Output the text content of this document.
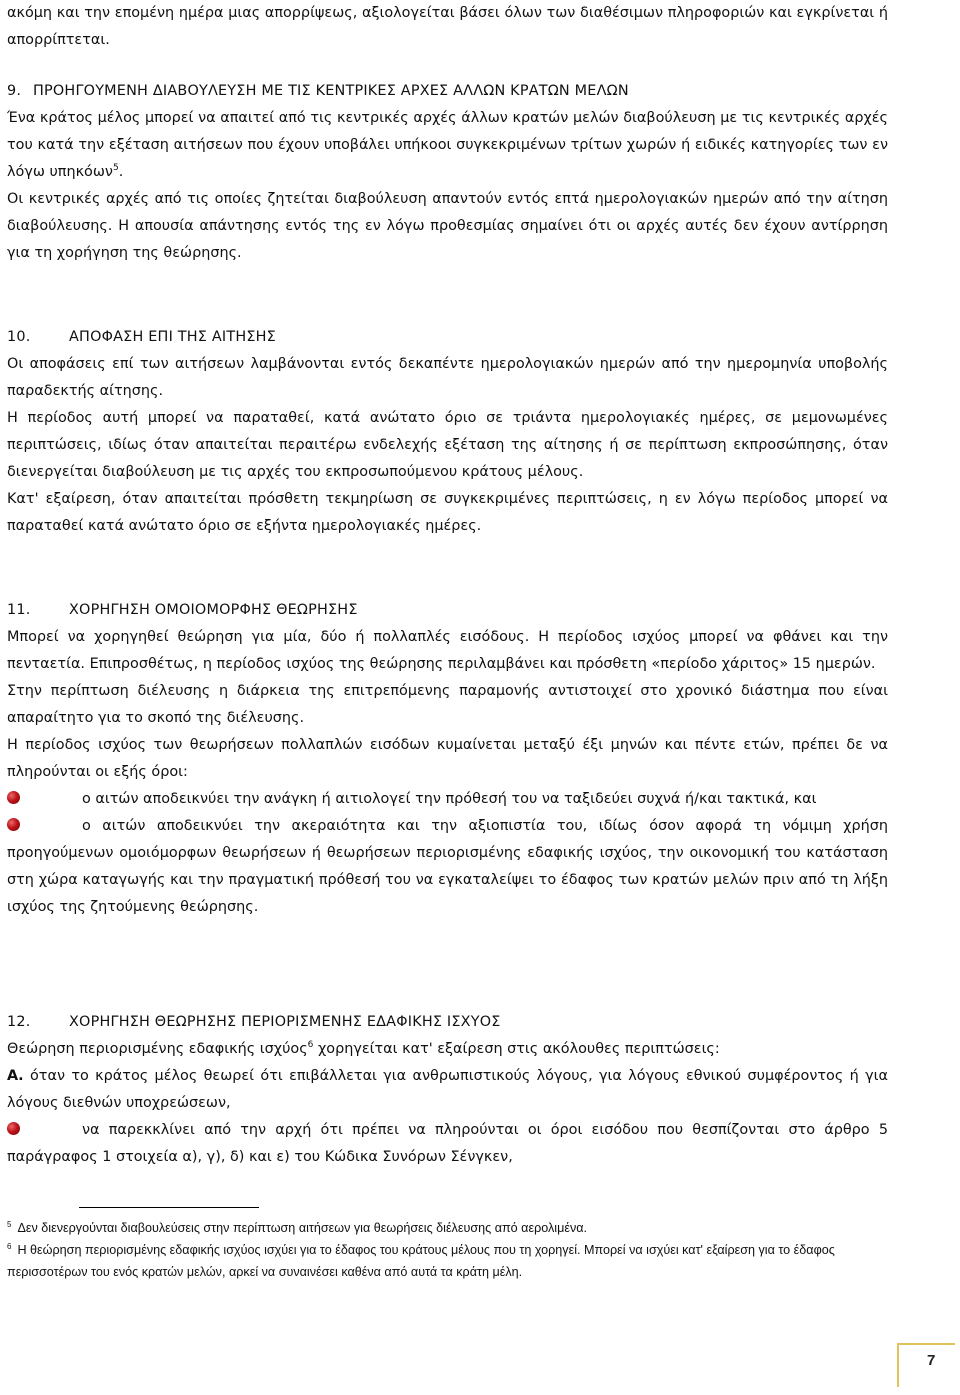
ακόμη και την επομένη ημέρα μιας απορρίψεως, αξιολογείται βάσει όλων των διαθέσιμων πληροφοριών και εγκρίνεται ή απορρίπτεται.

9. ΠΡΟΗΓΟΥΜΕΝΗ ΔΙΑΒΟΥΛΕΥΣΗ ΜΕ ΤΙΣ ΚΕΝΤΡΙΚΕΣ ΑΡΧΕΣ ΑΛΛΩΝ ΚΡΑΤΩΝ ΜΕΛΩΝ

Ένα κράτος μέλος μπορεί να απαιτεί από τις κεντρικές αρχές άλλων κρατών μελών διαβούλευση με τις κεντρικές αρχές του κατά την εξέταση αιτήσεων που έχουν υποβάλει υπήκοοι συγκεκριμένων τρίτων χωρών ή ειδικές κατηγορίες των εν λόγω υπηκόων$^5$.

Οι κεντρικές αρχές από τις οποίες ζητείται διαβούλευση απαντούν εντός επτά ημερολογιακών ημερών από την αίτηση διαβούλευσης. Η απουσία απάντησης εντός της εν λόγω προθεσμίας σημαίνει ότι οι αρχές αυτές δεν έχουν αντίρρηση για τη χορήγηση της θεώρησης.

10.	ΑΠΟΦΑΣΗ ΕΠΙ ΤΗΣ ΑΙΤΗΣΗΣ

Οι αποφάσεις επί των αιτήσεων λαμβάνονται εντός δεκαπέντε ημερολογιακών ημερών από την ημερομηνία υποβολής παραδεκτής αίτησης.

Η περίοδος αυτή μπορεί να παραταθεί, κατά ανώτατο όριο σε τριάντα ημερολογιακές ημέρες, σε μεμονωμένες περιπτώσεις, ιδίως όταν απαιτείται περαιτέρω ενδελεχής εξέταση της αίτησης ή σε περίπτωση εκπροσώπησης, όταν διενεργείται διαβούλευση με τις αρχές του εκπροσωπούμενου κράτους μέλους.

Κατ' εξαίρεση, όταν απαιτείται πρόσθετη τεκμηρίωση σε συγκεκριμένες περιπτώσεις, η εν λόγω περίοδος μπορεί να παραταθεί κατά ανώτατο όριο σε εξήντα ημερολογιακές ημέρες.

11.	ΧΟΡΗΓΗΣΗ ΟΜΟΙΟΜΟΡΦΗΣ ΘΕΩΡΗΣΗΣ

Μπορεί να χορηγηθεί θεώρηση για μία, δύο ή πολλαπλές εισόδους. Η περίοδος ισχύος μπορεί να φθάνει και την πενταετία. Επιπροσθέτως, η περίοδος ισχύος της θεώρησης περιλαμβάνει και πρόσθετη «περίοδο χάριτος» 15 ημερών.

Στην περίπτωση διέλευσης η διάρκεια της επιτρεπόμενης παραμονής αντιστοιχεί στο χρονικό διάστημα που είναι απαραίτητο για το σκοπό της διέλευσης.

Η περίοδος ισχύος των θεωρήσεων πολλαπλών εισόδων κυμαίνεται μεταξύ έξι μηνών και πέντε ετών, πρέπει δε να πληρούνται οι εξής όροι:

ο αιτών αποδεικνύει την ανάγκη ή αιτιολογεί την πρόθεσή του να ταξιδεύει συχνά ή/και τακτικά, και

ο αιτών αποδεικνύει την ακεραιότητα και την αξιοπιστία του, ιδίως όσον αφορά τη νόμιμη χρήση προηγούμενων ομοιόμορφων θεωρήσεων ή θεωρήσεων περιορισμένης εδαφικής ισχύος, την οικονομική του κατάσταση στη χώρα καταγωγής και την πραγματική πρόθεσή του να εγκαταλείψει το έδαφος των κρατών μελών πριν από τη λήξη ισχύος της ζητούμενης θεώρησης.

12.	ΧΟΡΗΓΗΣΗ ΘΕΩΡΗΣΗΣ ΠΕΡΙΟΡΙΣΜΕΝΗΣ ΕΔΑΦΙΚΗΣ ΙΣΧΥΟΣ

Θεώρηση περιορισμένης εδαφικής ισχύος$^6$ χορηγείται κατ' εξαίρεση στις ακόλουθες περιπτώσεις:

Α. όταν το κράτος μέλος θεωρεί ότι επιβάλλεται για ανθρωπιστικούς λόγους, για λόγους εθνικού συμφέροντος ή για λόγους διεθνών υποχρεώσεων,

να παρεκκλίνει από την αρχή ότι πρέπει να πληρούνται οι όροι εισόδου που θεσπίζονται στο άρθρο 5 παράγραφος 1 στοιχεία α), γ), δ) και ε) του Κώδικα Συνόρων Σένγκεν,

$^5$ Δεν διενεργούνται διαβουλεύσεις στην περίπτωση αιτήσεων για θεωρήσεις διέλευσης από αερολιμένα.
$^6$ Η θεώρηση περιορισμένης εδαφικής ισχύος ισχύει για το έδαφος του κράτους μέλους που τη χορηγεί. Μπορεί να ισχύει κατ' εξαίρεση για το έδαφος περισσοτέρων του ενός κρατών μελών, αρκεί να συναινέσει καθένα από αυτά τα κράτη μέλη.
7
